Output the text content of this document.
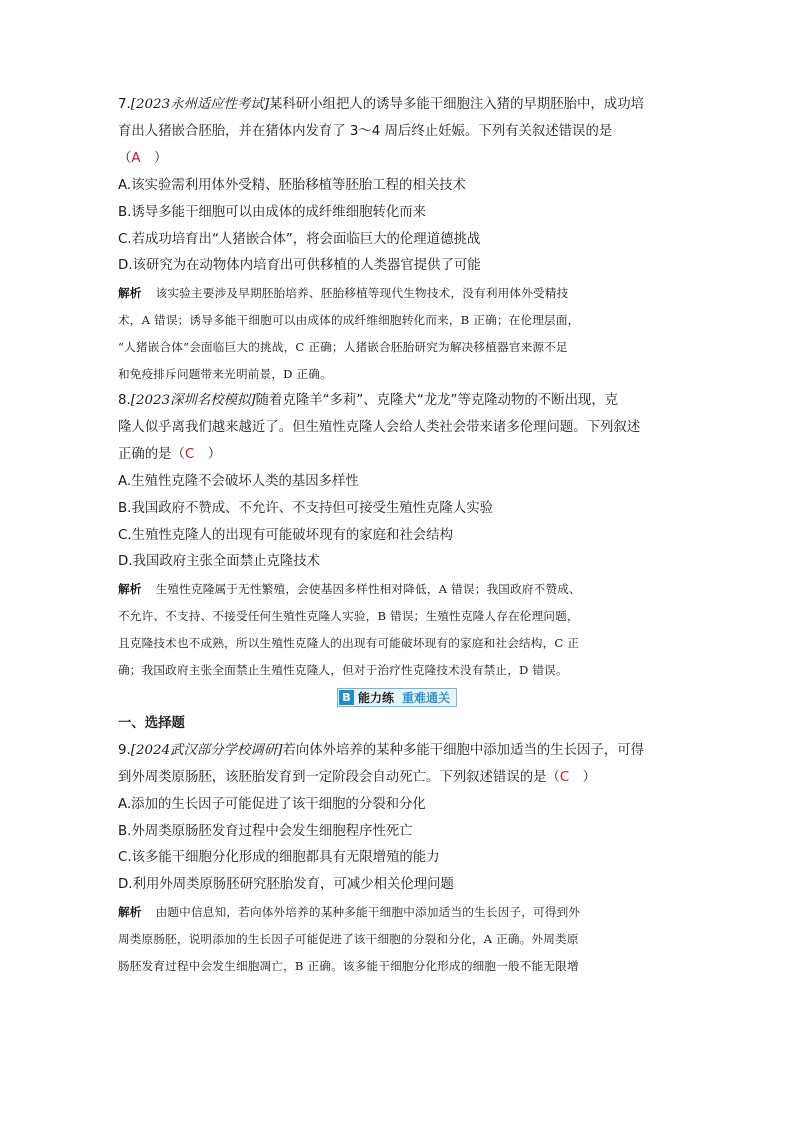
7.[2023永州适应性考试]某科研小组把人的诱导多能干细胞注入猪的早期胚胎中，成功培
育出人猪嵌合胚胎，并在猪体内发育了 3～4 周后终止妊娠。下列有关叙述错误的是
（A　）
A.该实验需利用体外受精、胚胎移植等胚胎工程的相关技术
B.诱导多能干细胞可以由成体的成纤维细胞转化而来
C.若成功培育出“人猪嵌合体”，将会面临巨大的伦理道德挑战
D.该研究为在动物体内培育出可供移植的人类器官提供了可能
解析 该实验主要涉及早期胚胎培养、胚胎移植等现代生物技术，没有利用体外受精技
术，A 错误；诱导多能干细胞可以由成体的成纤维细胞转化而来，B 正确；在伦理层面，
“人猪嵌合体”会面临巨大的挑战，C 正确；人猪嵌合胚胎研究为解决移植器官来源不足
和免疫排斥问题带来光明前景，D 正确。
8.[2023深圳名校模拟]随着克隆羊“多莉”、克隆犬“龙龙”等克隆动物的不断出现，克
隆人似乎离我们越来越近了。但生殖性克隆人会给人类社会带来诸多伦理问题。下列叙述
正确的是（C　）
A.生殖性克隆不会破坏人类的基因多样性
B.我国政府不赞成、不允许、不支持但可接受生殖性克隆人实验
C.生殖性克隆人的出现有可能破坏现有的家庭和社会结构
D.我国政府主张全面禁止克隆技术
解析 生殖性克隆属于无性繁殖，会使基因多样性相对降低，A 错误；我国政府不赞成、
不允许、不支持、不接受任何生殖性克隆人实验，B 错误；生殖性克隆人存在伦理问题，
且克隆技术也不成熟，所以生殖性克隆人的出现有可能破坏现有的家庭和社会结构，C 正
确；我国政府主张全面禁止生殖性克隆人，但对于治疗性克隆技术没有禁止，D 错误。
B 能力练 重难通关
一、选择题
9.[2024武汉部分学校调研]若向体外培养的某种多能干细胞中添加适当的生长因子，可得
到外周类原肠胚，该胚胎发育到一定阶段会自动死亡。下列叙述错误的是（C　）
A.添加的生长因子可能促进了该干细胞的分裂和分化
B.外周类原肠胚发育过程中会发生细胞程序性死亡
C.该多能干细胞分化形成的细胞都具有无限增殖的能力
D.利用外周类原肠胚研究胚胎发育，可减少相关伦理问题
解析 由题中信息知，若向体外培养的某种多能干细胞中添加适当的生长因子，可得到外
周类原肠胚，说明添加的生长因子可能促进了该干细胞的分裂和分化，A 正确。外周类原
肠胚发育过程中会发生细胞凋亡，B 正确。该多能干细胞分化形成的细胞一般不能无限增
